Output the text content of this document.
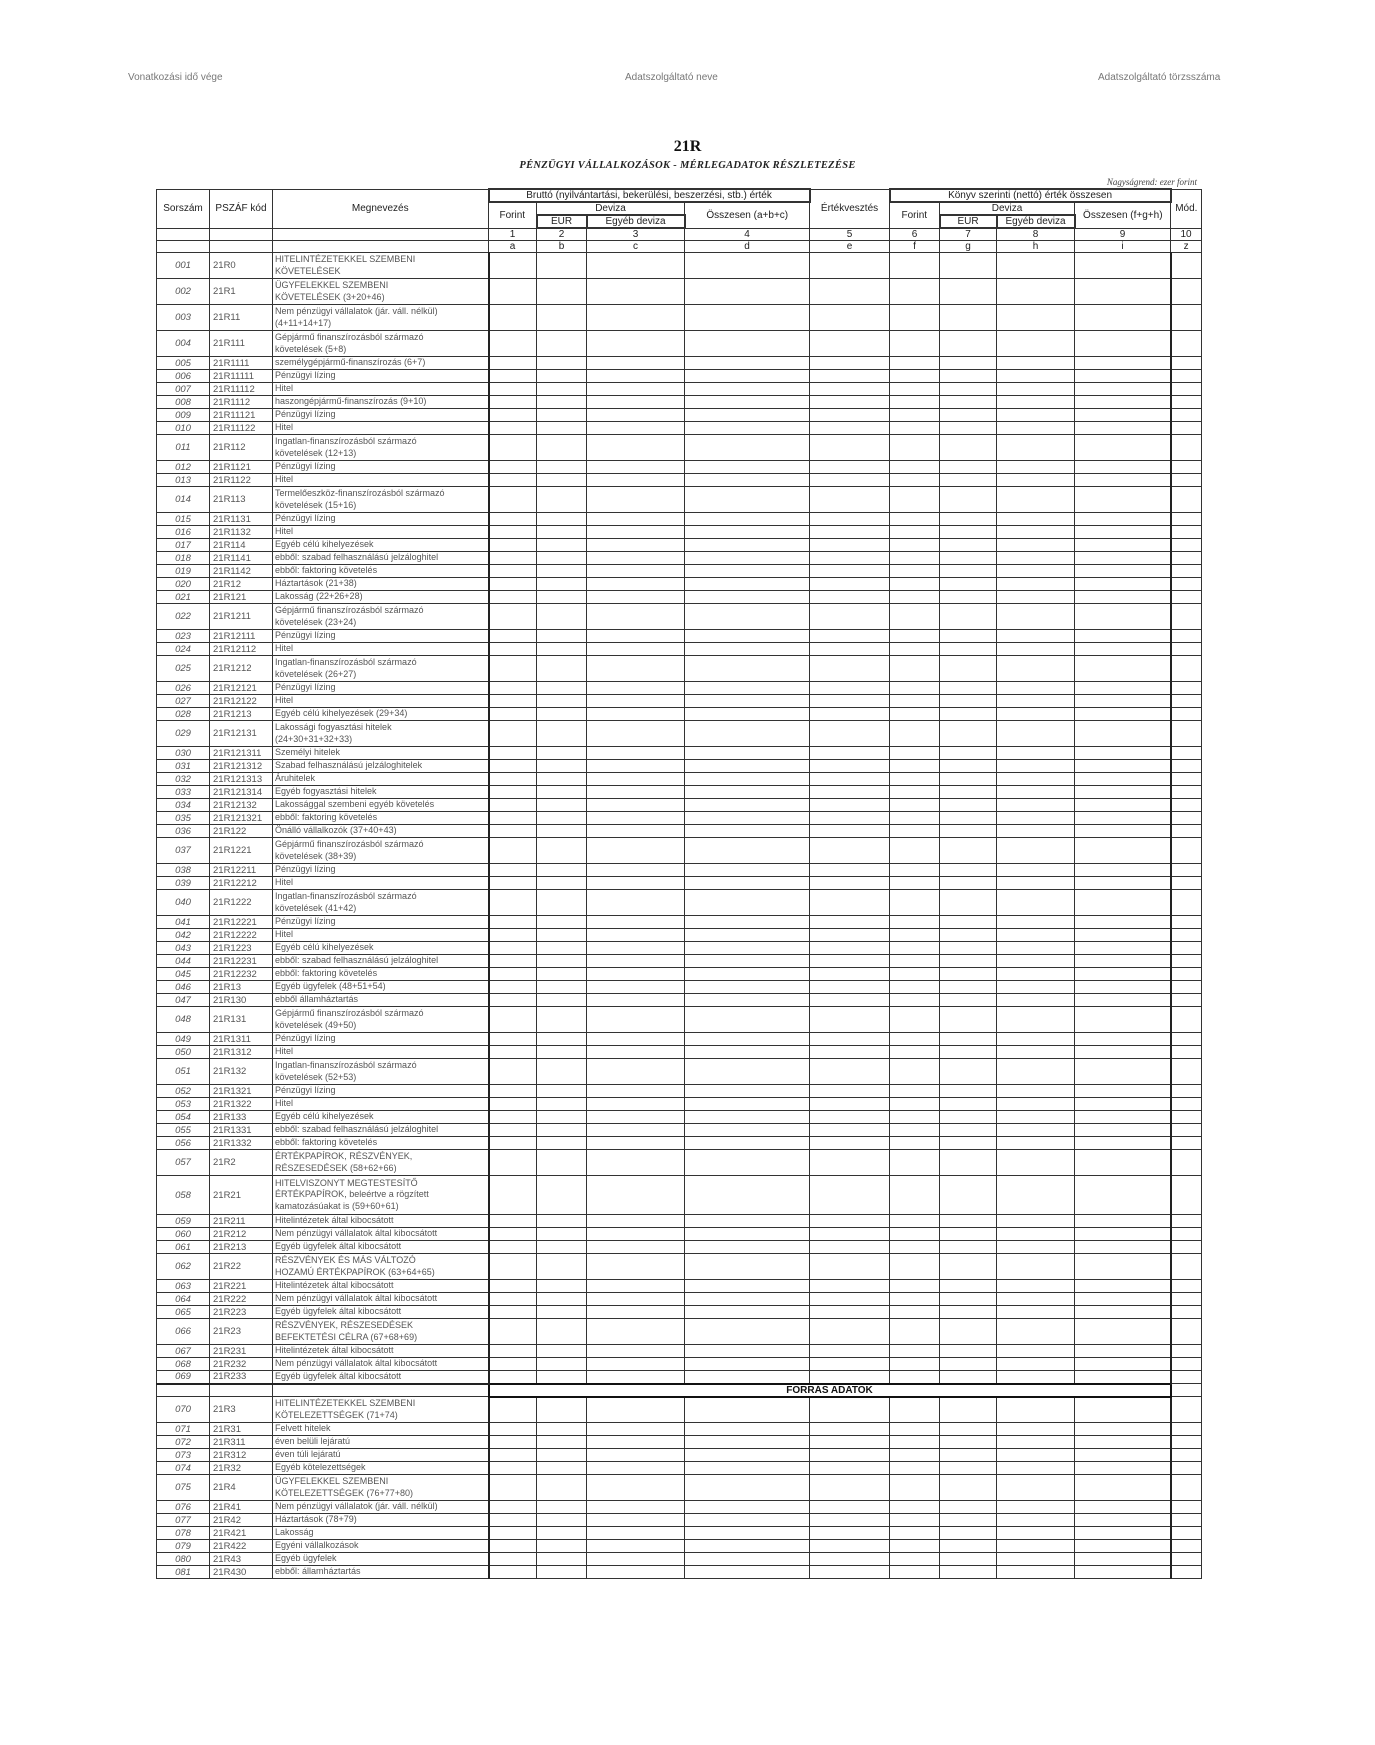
Vonatkozási idő vége	Adatszolgáltató neve	Adatszolgáltató törzsszáma
21R
PÉNZÜGYI VÁLLALKOZÁSOK - MÉRLEGADATOK RÉSZLETEZÉSE
Nagyságrend: ezer forint
Sorszám	PSZÁF kód	Megnevezés	Bruttó (nyilvántartási, bekerülési, beszerzési, stb.) érték				Értékvesztés	Könyv szerinti (nettó) érték összesen				Mód.
			Forint	Deviza		Összesen (a+b+c)		Forint	Deviza		Összesen (f+g+h)	
				EUR	Egyéb deviza				EUR	Egyéb deviza		
			1	2	3	4	5	6	7	8	9	10
			a	b	c	d	e	f	g	h	i	z
001	21R0	HITELINTÉZETEKKEL SZEMBENI
KÖVETELÉSEK										
002	21R1	ÜGYFELEKKEL SZEMBENI
KÖVETELÉSEK (3+20+46)										
003	21R11	Nem pénzügyi vállalatok (jár. váll. nélkül)
(4+11+14+17)										
004	21R111	Gépjármű finanszírozásból származó
követelések (5+8)										
005	21R1111	személygépjármű-finanszírozás (6+7)										
006	21R11111	Pénzügyi lízing										
007	21R11112	Hitel										
008	21R1112	haszongépjármű-finanszírozás (9+10)										
009	21R11121	Pénzügyi lízing										
010	21R11122	Hitel										
011	21R112	Ingatlan-finanszírozásból származó
követelések (12+13)										
012	21R1121	Pénzügyi lízing										
013	21R1122	Hitel										
014	21R113	Termelőeszköz-finanszírozásból származó
követelések (15+16)										
015	21R1131	Pénzügyi lízing										
016	21R1132	Hitel										
017	21R114	Egyéb célú kihelyezések										
018	21R1141	ebből: szabad felhasználású jelzáloghitel										
019	21R1142	ebből: faktoring követelés										
020	21R12	Háztartások (21+38)										
021	21R121	Lakosság (22+26+28)										
022	21R1211	Gépjármű finanszírozásból származó
követelések (23+24)										
023	21R12111	Pénzügyi lízing										
024	21R12112	Hitel										
025	21R1212	Ingatlan-finanszírozásból származó
követelések (26+27)										
026	21R12121	Pénzügyi lízing										
027	21R12122	Hitel										
028	21R1213	Egyéb célú kihelyezések (29+34)										
029	21R12131	Lakossági fogyasztási hitelek
(24+30+31+32+33)										
030	21R121311	Személyi hitelek										
031	21R121312	Szabad felhasználású jelzáloghitelek										
032	21R121313	Áruhitelek										
033	21R121314	Egyéb fogyasztási hitelek										
034	21R12132	Lakossággal szembeni egyéb követelés										
035	21R121321	ebből: faktoring követelés										
036	21R122	Önálló vállalkozók (37+40+43)										
037	21R1221	Gépjármű finanszírozásból származó
követelések (38+39)										
038	21R12211	Pénzügyi lízing										
039	21R12212	Hitel										
040	21R1222	Ingatlan-finanszírozásból származó
követelések (41+42)										
041	21R12221	Pénzügyi lízing										
042	21R12222	Hitel										
043	21R1223	Egyéb célú kihelyezések										
044	21R12231	ebből: szabad felhasználású jelzáloghitel										
045	21R12232	ebből: faktoring követelés										
046	21R13	Egyéb ügyfelek (48+51+54)										
047	21R130	ebből államháztartás										
048	21R131	Gépjármű finanszírozásból származó
követelések (49+50)										
049	21R1311	Pénzügyi lízing										
050	21R1312	Hitel										
051	21R132	Ingatlan-finanszírozásból származó
követelések (52+53)										
052	21R1321	Pénzügyi lízing										
053	21R1322	Hitel										
054	21R133	Egyéb célú kihelyezések										
055	21R1331	ebből: szabad felhasználású jelzáloghitel										
056	21R1332	ebből: faktoring követelés										
057	21R2	ÉRTÉKPAPÍROK, RÉSZVÉNYEK,
RÉSZESEDÉSEK (58+62+66)										
058	21R21	HITELVISZONYT MEGTESTESÍTŐ
ÉRTÉKPAPÍROK, beleértve a rögzített
kamatozásúakat is (59+60+61)										
059	21R211	Hitelintézetek által kibocsátott										
060	21R212	Nem pénzügyi vállalatok által kibocsátott										
061	21R213	Egyéb ügyfelek által kibocsátott										
062	21R22	RÉSZVÉNYEK ÉS MÁS VÁLTOZÓ
HOZAMÚ ÉRTÉKPAPÍROK (63+64+65)										
063	21R221	Hitelintézetek által kibocsátott										
064	21R222	Nem pénzügyi vállalatok által kibocsátott										
065	21R223	Egyéb ügyfelek által kibocsátott										
066	21R23	RÉSZVÉNYEK, RÉSZESEDÉSEK
BEFEKTETÉSI CÉLRA (67+68+69)										
067	21R231	Hitelintézetek által kibocsátott										
068	21R232	Nem pénzügyi vállalatok által kibocsátott										
069	21R233	Egyéb ügyfelek által kibocsátott										
			FORRÁS ADATOK									
070	21R3	HITELINTÉZETEKKEL SZEMBENI
KÖTELEZETTSÉGEK (71+74)										
071	21R31	Felvett hitelek										
072	21R311	éven belüli lejáratú										
073	21R312	éven túli lejáratú										
074	21R32	Egyéb kötelezettségek										
075	21R4	ÜGYFELEKKEL SZEMBENI
KÖTELEZETTSÉGEK (76+77+80)										
076	21R41	Nem pénzügyi vállalatok (jár. váll. nélkül)										
077	21R42	Háztartások (78+79)										
078	21R421	Lakosság										
079	21R422	Egyéni vállalkozások										
080	21R43	Egyéb ügyfelek										
081	21R430	ebből: államháztartás										
